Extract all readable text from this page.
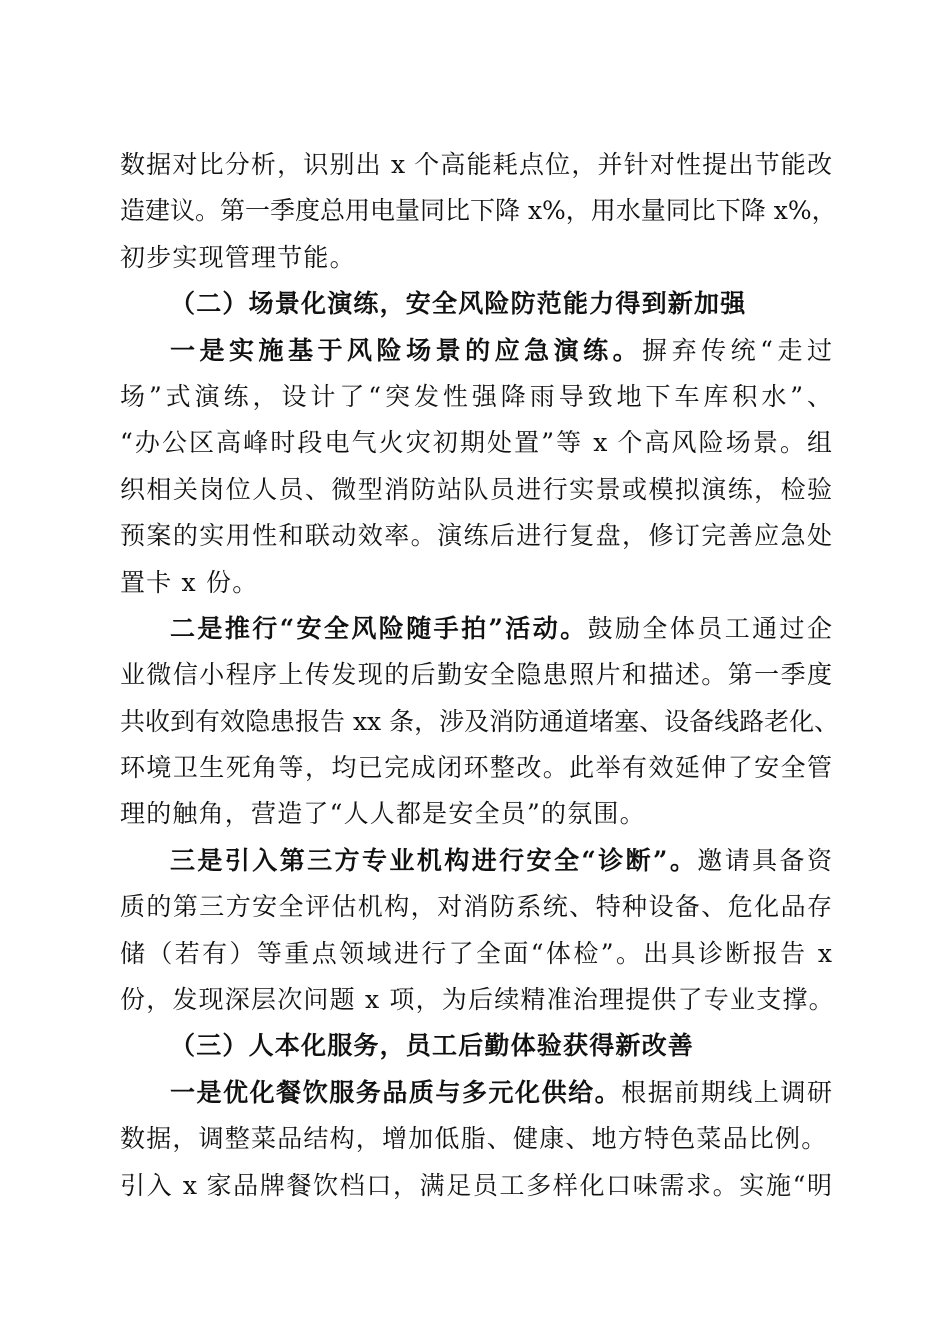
数据对比分析，识别出 x 个高能耗点位，并针对性提出节能改
造建议。第一季度总用电量同比下降 x%，用水量同比下降 x%，
初步实现管理节能。
（二）场景化演练，安全风险防范能力得到新加强
一是实施基于风险场景的应急演练。摒弃传统“走过
场”式演练，设计了“突发性强降雨导致地下车库积水”、
“办公区高峰时段电气火灾初期处置”等 x 个高风险场景。组
织相关岗位人员、微型消防站队员进行实景或模拟演练，检验
预案的实用性和联动效率。演练后进行复盘，修订完善应急处
置卡 x 份。
二是推行“安全风险随手拍”活动。鼓励全体员工通过企
业微信小程序上传发现的后勤安全隐患照片和描述。第一季度
共收到有效隐患报告 xx 条，涉及消防通道堵塞、设备线路老化、
环境卫生死角等，均已完成闭环整改。此举有效延伸了安全管
理的触角，营造了“人人都是安全员”的氛围。
三是引入第三方专业机构进行安全“诊断”。邀请具备资
质的第三方安全评估机构，对消防系统、特种设备、危化品存
储（若有）等重点领域进行了全面“体检”。出具诊断报告 x
份，发现深层次问题 x 项，为后续精准治理提供了专业支撑。
（三）人本化服务，员工后勤体验获得新改善
一是优化餐饮服务品质与多元化供给。根据前期线上调研
数据，调整菜品结构，增加低脂、健康、地方特色菜品比例。
引入 x 家品牌餐饮档口，满足员工多样化口味需求。实施“明
